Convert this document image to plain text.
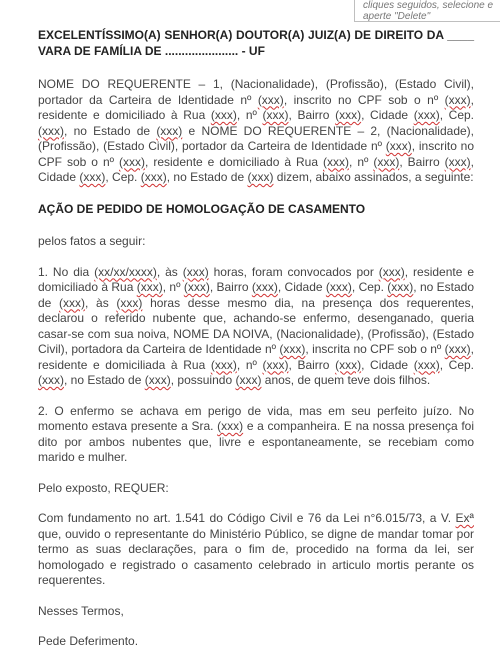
cliques seguidos, selecione e
aperte "Delete"

EXCELENTÍSSIMO(A) SENHOR(A) DOUTOR(A) JUIZ(A) DE DIREITO DA ____ VARA DE FAMÍLIA DE ...................... - UF

NOME DO REQUERENTE – 1, (Nacionalidade), (Profissão), (Estado Civil), portador da Carteira de Identidade nº (xxx), inscrito no CPF sob o nº (xxx), residente e domiciliado à Rua (xxx), nº (xxx), Bairro (xxx), Cidade (xxx), Cep. (xxx), no Estado de (xxx) e NOME DO REQUERENTE – 2, (Nacionalidade), (Profissão), (Estado Civil), portador da Carteira de Identidade nº (xxx), inscrito no CPF sob o nº (xxx), residente e domiciliado à Rua (xxx), nº (xxx), Bairro (xxx), Cidade (xxx), Cep. (xxx), no Estado de (xxx) dizem, abaixo assinados, a seguinte:

AÇÃO DE PEDIDO DE HOMOLOGAÇÃO DE CASAMENTO

pelos fatos a seguir:

1. No dia (xx/xx/xxxx), às (xxx) horas, foram convocados por (xxx), residente e domiciliado à Rua (xxx), nº (xxx), Bairro (xxx), Cidade (xxx), Cep. (xxx), no Estado de (xxx), às (xxx) horas desse mesmo dia, na presença dos requerentes, declarou o referido nubente que, achando-se enfermo, desenganado, queria casar-se com sua noiva, NOME DA NOIVA, (Nacionalidade), (Profissão), (Estado Civil), portadora da Carteira de Identidade nº (xxx), inscrita no CPF sob o nº (xxx), residente e domiciliada à Rua (xxx), nº (xxx), Bairro (xxx), Cidade (xxx), Cep. (xxx), no Estado de (xxx), possuindo (xxx) anos, de quem teve dois filhos.

2. O enfermo se achava em perigo de vida, mas em seu perfeito juízo. No momento estava presente a Sra. (xxx) e a companheira. E na nossa presença foi dito por ambos nubentes que, livre e espontaneamente, se recebiam como marido e mulher.

Pelo exposto, REQUER:

Com fundamento no art. 1.541 do Código Civil e 76 da Lei n°6.015/73, a V. Exª que, ouvido o representante do Ministério Público, se digne de mandar tomar por termo as suas declarações, para o fim de, procedido na forma da lei, ser homologado e registrado o casamento celebrado in articulo mortis perante os requerentes.

Nesses Termos,

Pede Deferimento.
